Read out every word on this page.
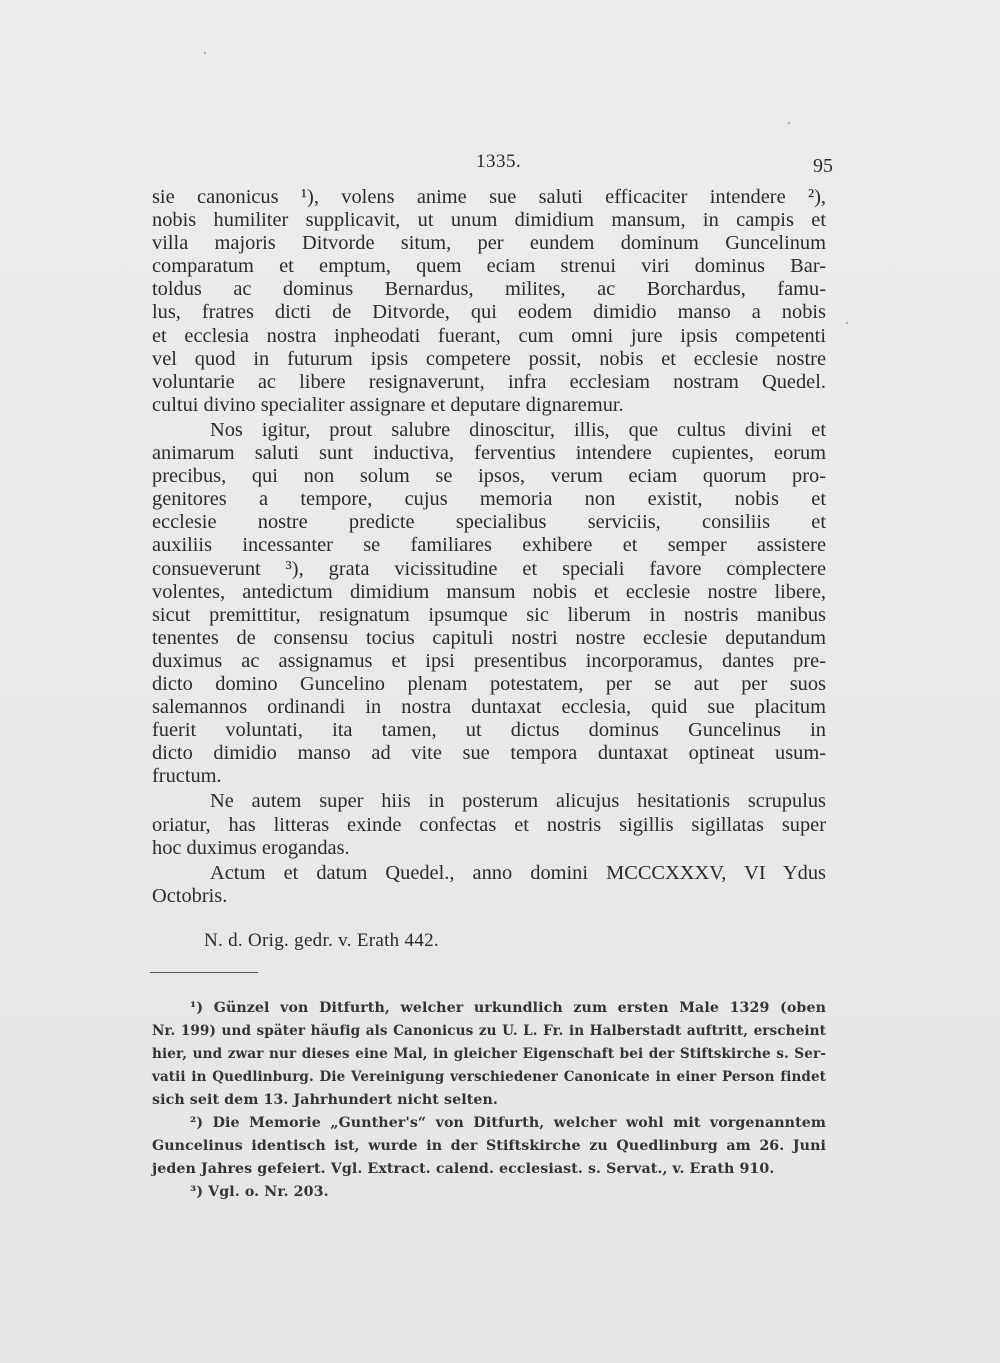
1335.	95
sie canonicus ¹), volens anime sue saluti efficaciter intendere ²),
nobis humiliter supplicavit, ut unum dimidium mansum, in campis et
villa majoris Ditvorde situm, per eundem dominum Guncelinum
comparatum et emptum, quem eciam strenui viri dominus Bar-
toldus ac dominus Bernardus, milites, ac Borchardus, famu-
lus, fratres dicti de Ditvorde, qui eodem dimidio manso a nobis
et ecclesia nostra inpheodati fuerant, cum omni jure ipsis competenti
vel quod in futurum ipsis competere possit, nobis et ecclesie nostre
voluntarie ac libere resignaverunt, infra ecclesiam nostram Quedel.
cultui divino specialiter assignare et deputare dignaremur.
Nos igitur, prout salubre dinoscitur, illis, que cultus divini et
animarum saluti sunt inductiva, ferventius intendere cupientes, eorum
precibus, qui non solum se ipsos, verum eciam quorum pro-
genitores a tempore, cujus memoria non existit, nobis et
ecclesie nostre predicte specialibus serviciis, consiliis et
auxiliis incessanter se familiares exhibere et semper assistere
consueverunt ³), grata vicissitudine et speciali favore complectere
volentes, antedictum dimidium mansum nobis et ecclesie nostre libere,
sicut premittitur, resignatum ipsumque sic liberum in nostris manibus
tenentes de consensu tocius capituli nostri nostre ecclesie deputandum
duximus ac assignamus et ipsi presentibus incorporamus, dantes pre-
dicto domino Guncelino plenam potestatem, per se aut per suos
salemannos ordinandi in nostra duntaxat ecclesia, quid sue placitum
fuerit voluntati, ita tamen, ut dictus dominus Guncelinus in
dicto dimidio manso ad vite sue tempora duntaxat optineat usum-
fructum.
Ne autem super hiis in posterum alicujus hesitationis scrupulus
oriatur, has litteras exinde confectas et nostris sigillis sigillatas super
hoc duximus erogandas.
Actum et datum Quedel., anno domini MCCCXXXV, VI Ydus
Octobris.
N. d. Orig. gedr. v. Erath 442.
¹) Günzel von Ditfurth, welcher urkundlich zum ersten Male 1329 (oben
Nr. 199) und später häufig als Canonicus zu U. L. Fr. in Halberstadt auftritt, erscheint
hier, und zwar nur dieses eine Mal, in gleicher Eigenschaft bei der Stiftskirche s. Ser-
vatii in Quedlinburg. Die Vereinigung verschiedener Canonicate in einer Person findet
sich seit dem 13. Jahrhundert nicht selten.
²) Die Memorie „Gunther's“ von Ditfurth, welcher wohl mit vorgenanntem
Guncelinus identisch ist, wurde in der Stiftskirche zu Quedlinburg am 26. Juni
jeden Jahres gefeiert. Vgl. Extract. calend. ecclesiast. s. Servat., v. Erath 910.
³) Vgl. o. Nr. 203.
